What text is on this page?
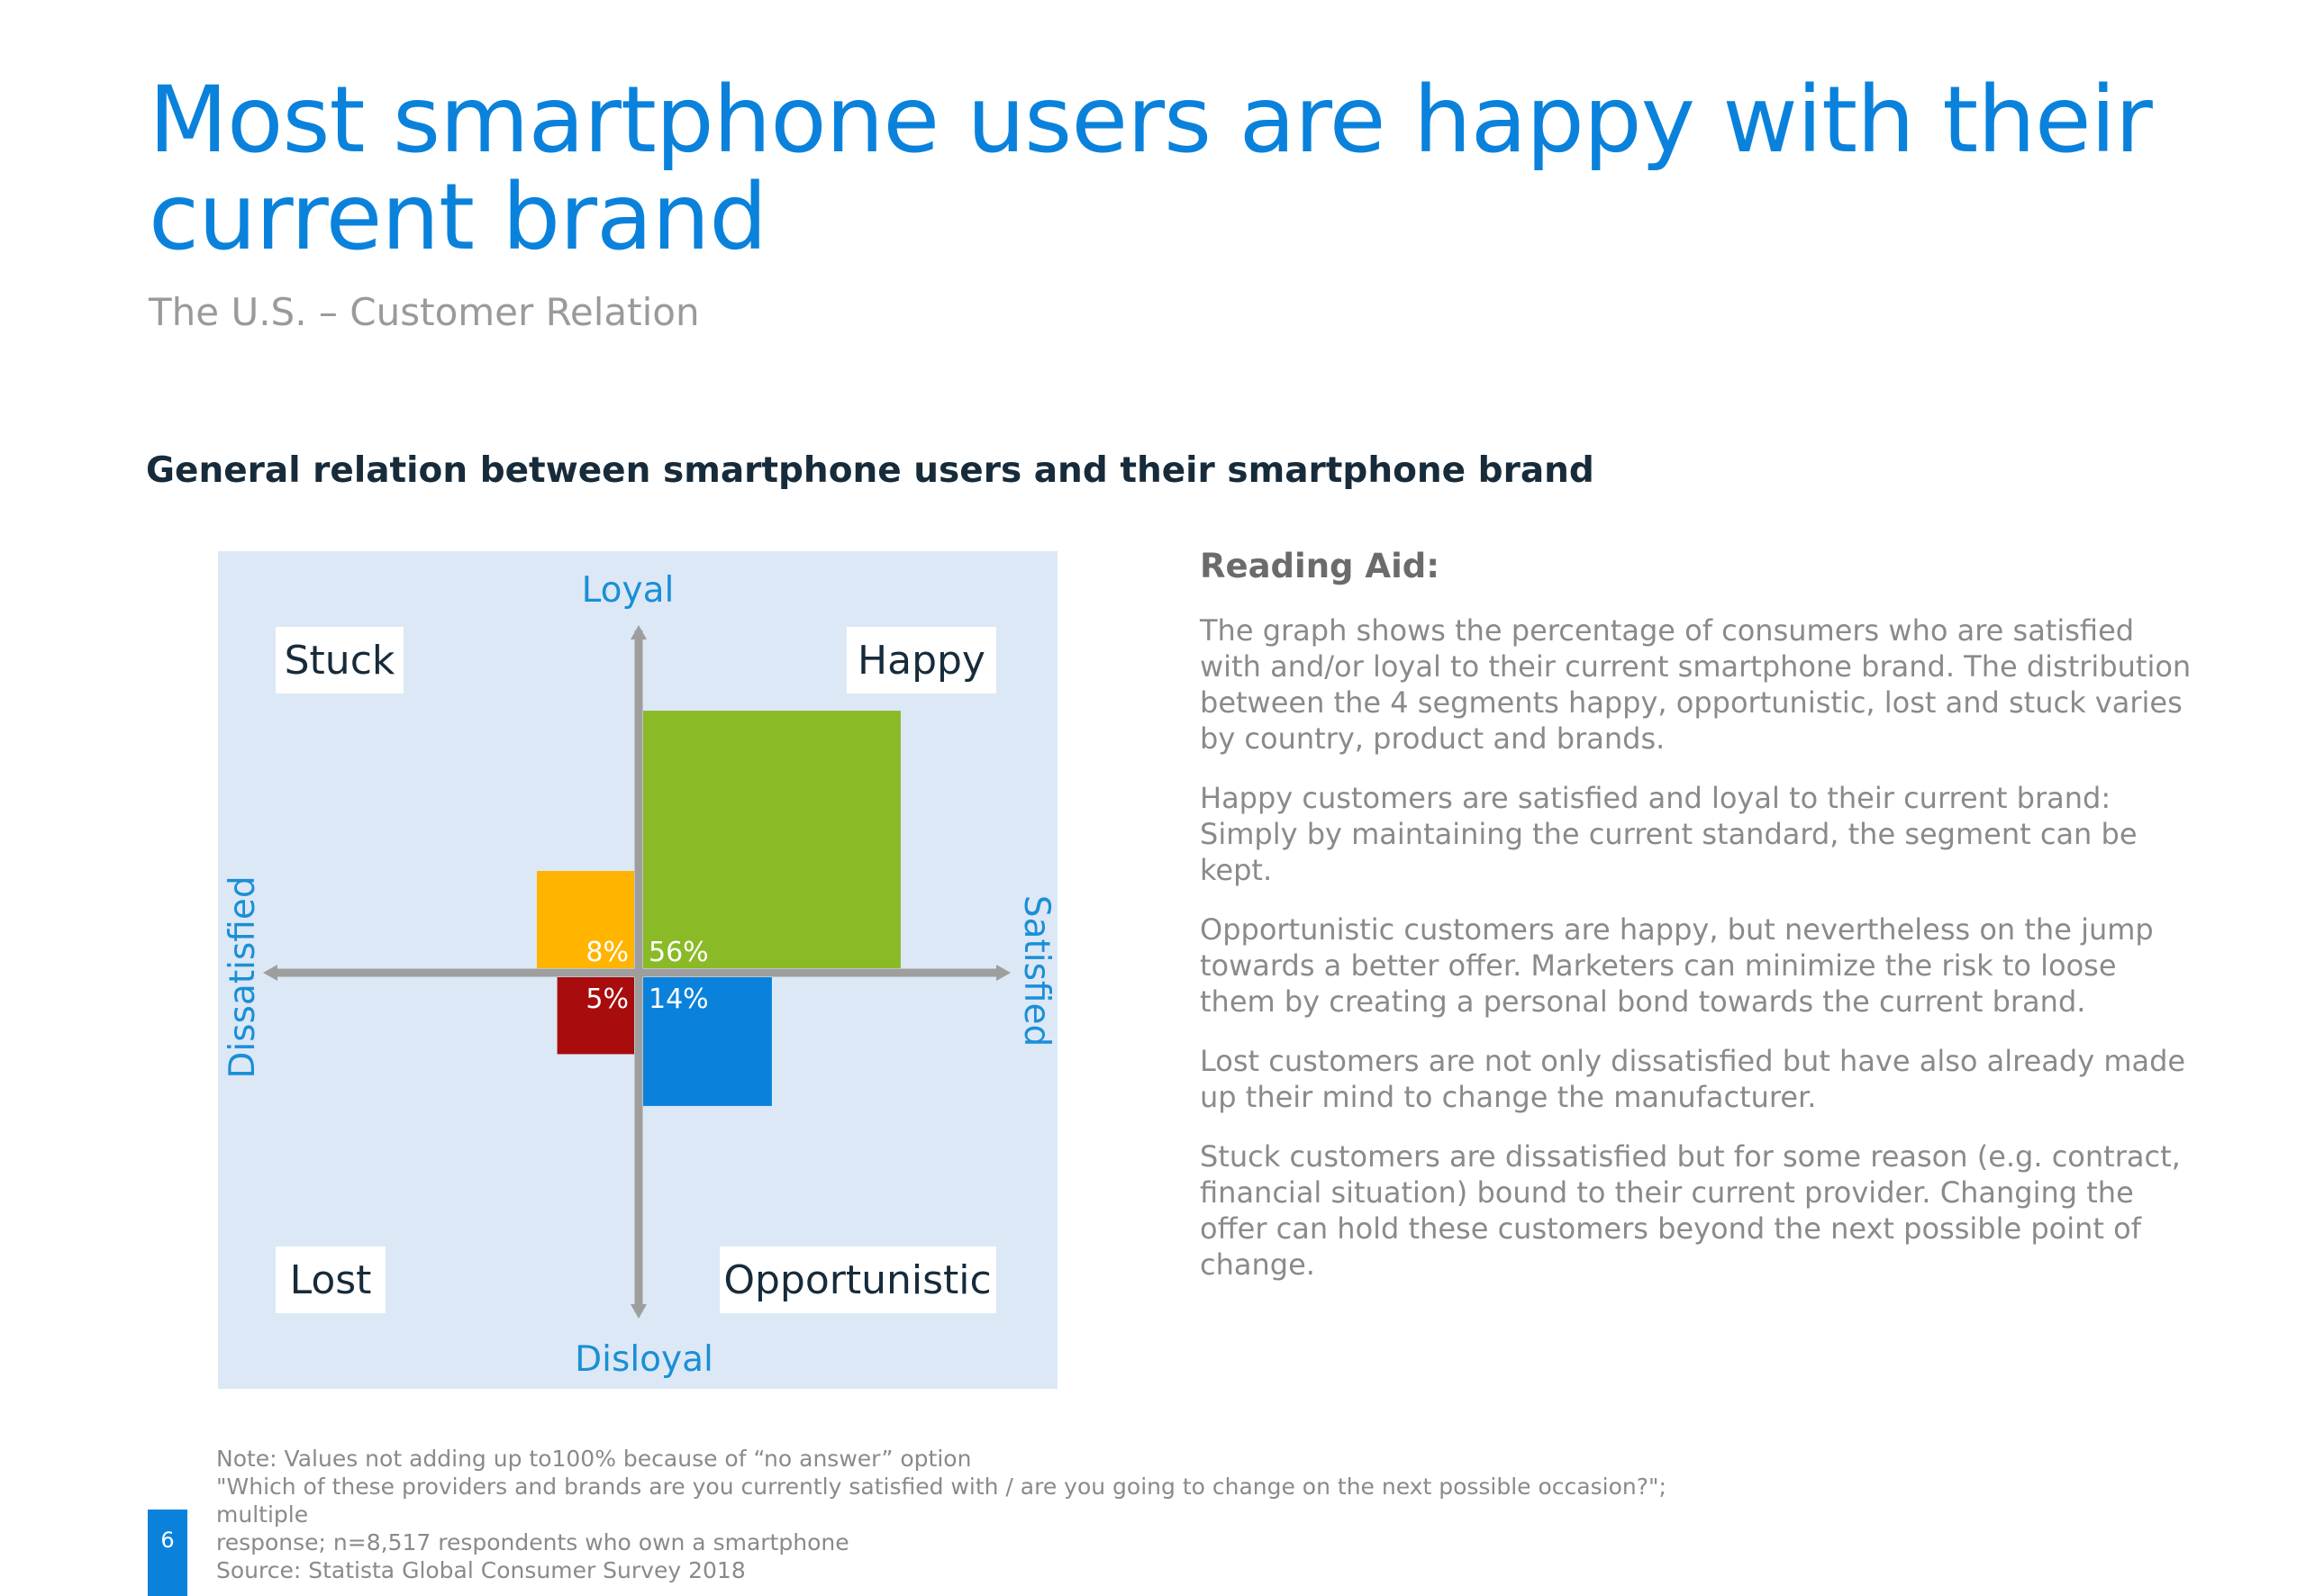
Most smartphone users are happy with their current brand
The U.S. – Customer Relation
General relation between smartphone users and their smartphone brand
Loyal
Disloyal
Dissatisfied	Satisfied
Stuck	Happy
Lost	Opportunistic
56%
8%
5% 14%
Reading Aid:

The graph shows the percentage of consumers who are satisfied with and/or loyal to their current smartphone brand. The distribution between the 4 segments happy, opportunistic, lost and stuck varies by country, product and brands.

Happy customers are satisfied and loyal to their current brand: Simply by maintaining the current standard, the segment can be kept.

Opportunistic customers are happy, but nevertheless on the jump towards a better offer. Marketers can minimize the risk to loose them by creating a personal bond towards the current brand.

Lost customers are not only dissatisfied but have also already made up their mind to change the manufacturer.

Stuck customers are dissatisfied but for some reason (e.g. contract, financial situation) bound to their current provider. Changing the offer can hold these customers beyond the next possible point of change.

Note: Values not adding up to100% because of “no answer” option
"Which of these providers and brands are you currently satisfied with / are you going to change on the next possible occasion?"; multiple
response; n=8,517 respondents who own a smartphone
Source: Statista Global Consumer Survey 2018
6
